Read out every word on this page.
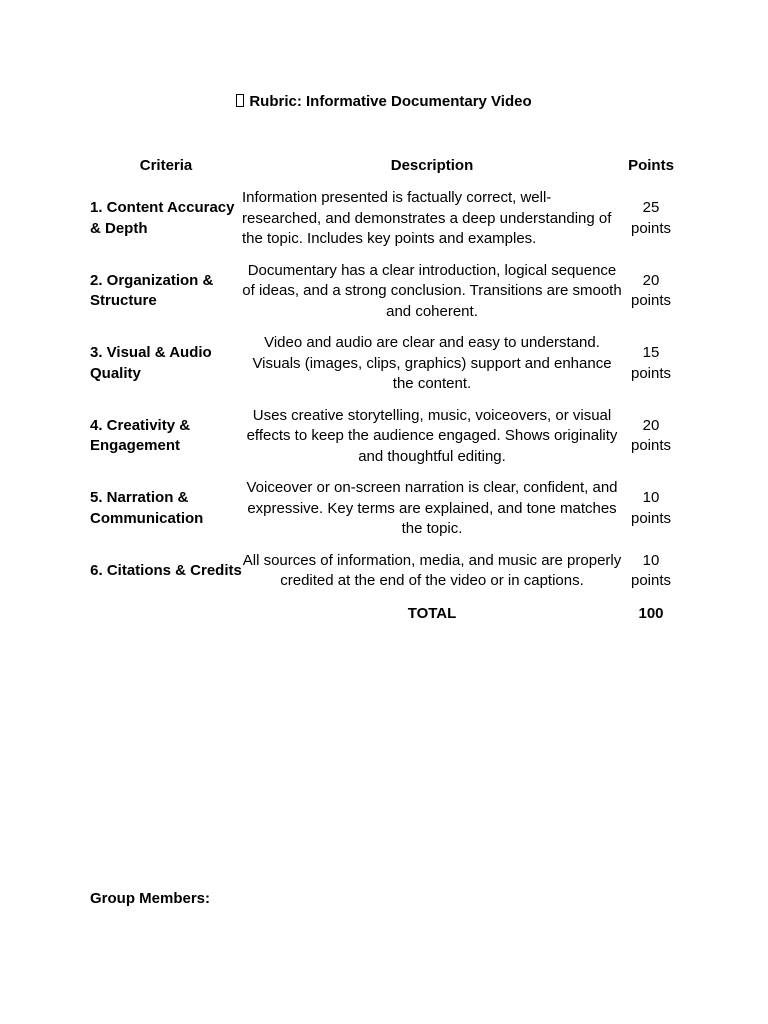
Rubric: Informative Documentary Video
Criteria	Description	Points
1. Content Accuracy & Depth	Information presented is factually correct, well-researched, and demonstrates a deep understanding of the topic. Includes key points and examples.	25 points
2. Organization & Structure	Documentary has a clear introduction, logical sequence of ideas, and a strong conclusion. Transitions are smooth and coherent.	20 points
3. Visual & Audio Quality	Video and audio are clear and easy to understand. Visuals (images, clips, graphics) support and enhance the content.	15 points
4. Creativity & Engagement	Uses creative storytelling, music, voiceovers, or visual effects to keep the audience engaged. Shows originality and thoughtful editing.	20 points
5. Narration & Communication	Voiceover or on-screen narration is clear, confident, and expressive. Key terms are explained, and tone matches the topic.	10 points
6. Citations & Credits	All sources of information, media, and music are properly credited at the end of the video or in captions.	10 points
	TOTAL	100
Group Members:
